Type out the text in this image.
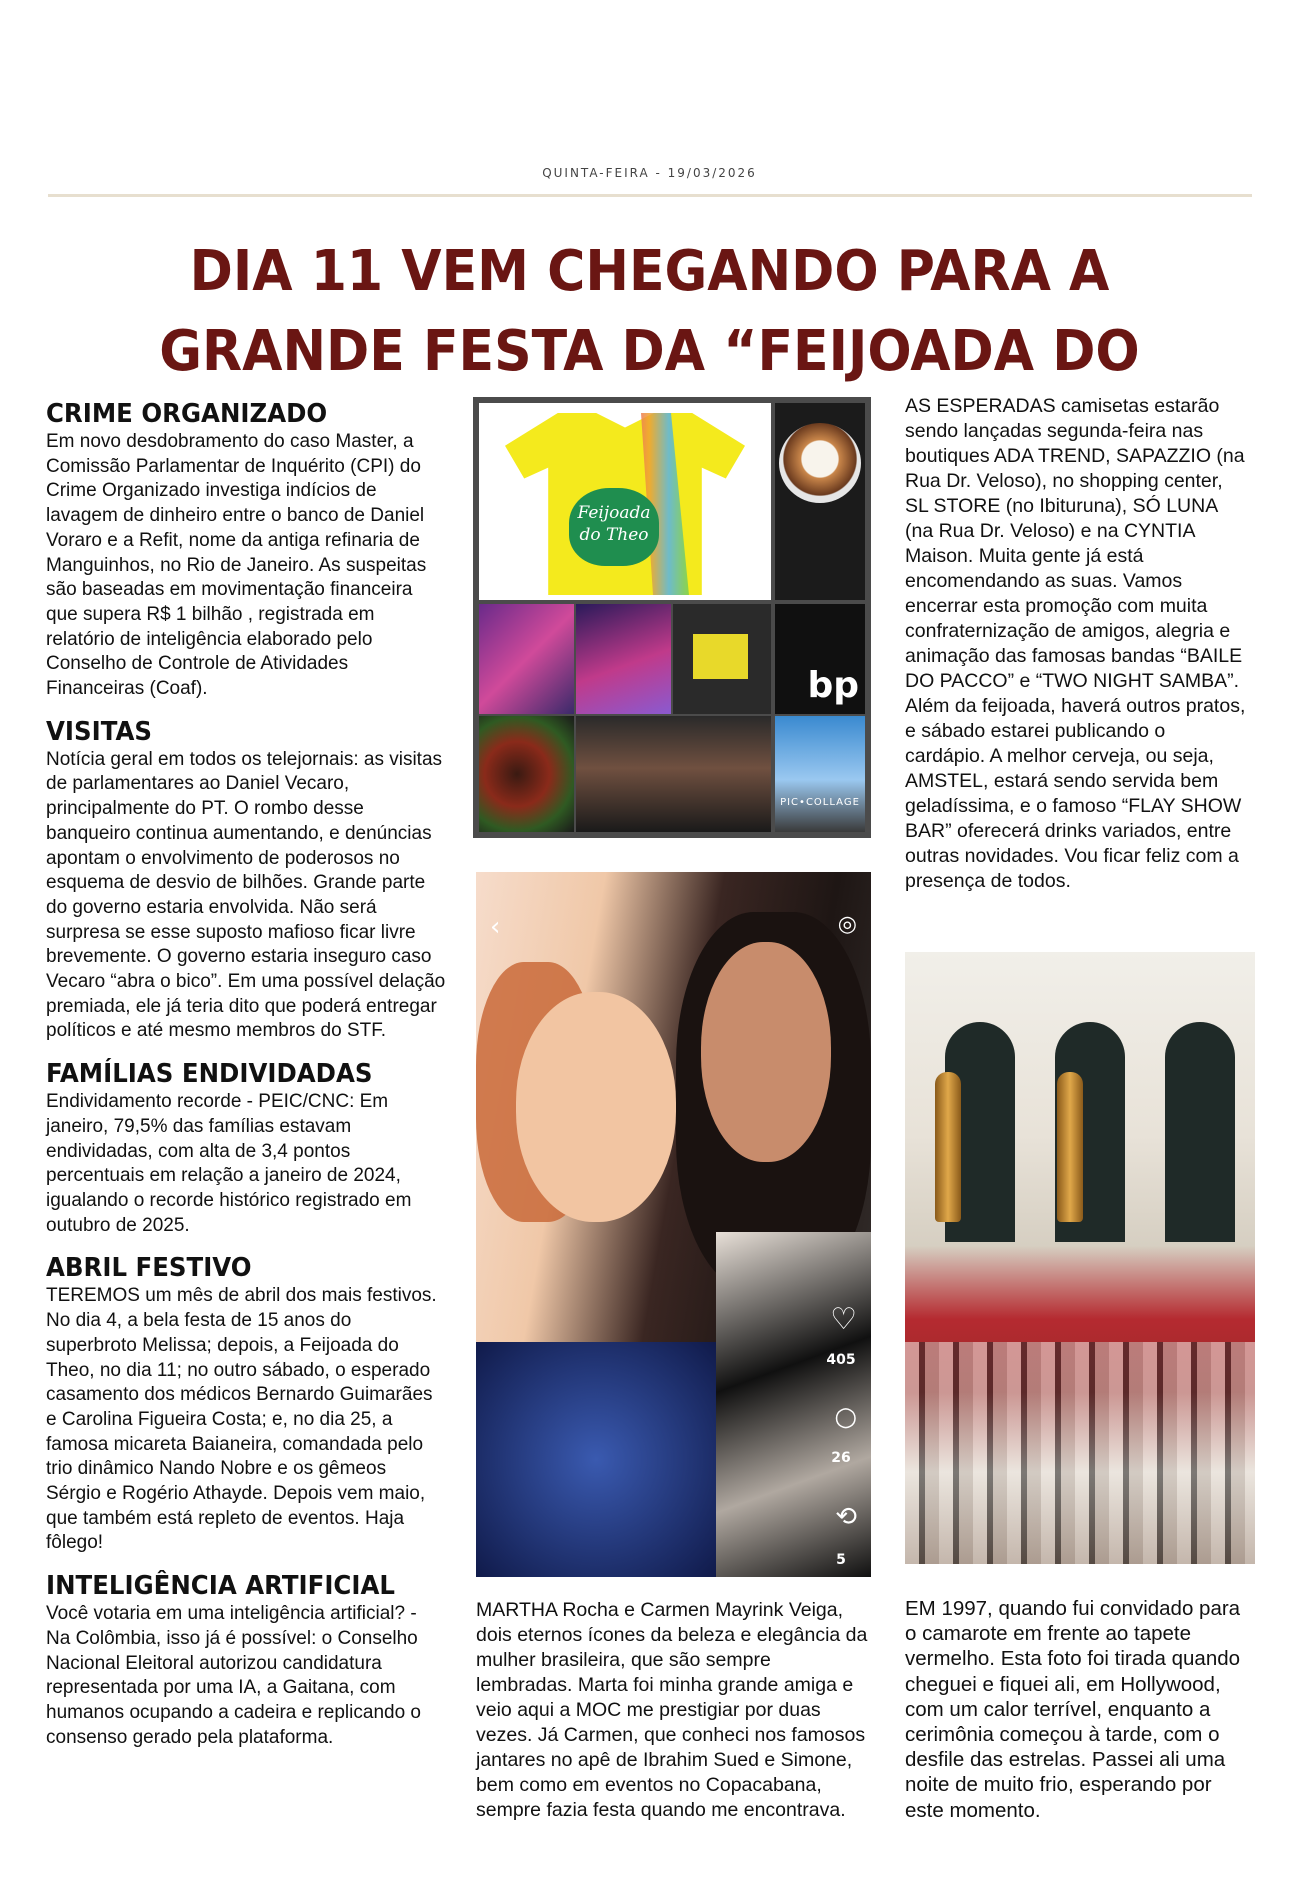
QUINTA-FEIRA - 19/03/2026
DIA 11 VEM CHEGANDO PARA A
GRANDE FESTA DA “FEIJOADA DO
CRIME ORGANIZADO

Em novo desdobramento do caso Master, a Comissão Parlamentar de Inquérito (CPI) do Crime Organizado investiga indícios de lavagem de dinheiro entre o banco de Daniel Voraro e a Refit, nome da antiga refinaria de Manguinhos, no Rio de Janeiro. As suspeitas são baseadas em movimentação financeira que supera R$ 1 bilhão , registrada em relatório de inteligência elaborado pelo Conselho de Controle de Atividades Financeiras (Coaf).

VISITAS

Notícia geral em todos os telejornais: as visitas de parlamentares ao Daniel Vecaro, principalmente do PT. O rombo desse banqueiro continua aumentando, e denúncias apontam o envolvimento de poderosos no esquema de desvio de bilhões. Grande parte do governo estaria envolvida. Não será surpresa se esse suposto mafioso ficar livre brevemente. O governo estaria inseguro caso Vecaro “abra o bico”. Em uma possível delação premiada, ele já teria dito que poderá entregar políticos e até mesmo membros do STF.

FAMÍLIAS ENDIVIDADAS

Endividamento recorde - PEIC/CNC: Em janeiro, 79,5% das famílias estavam endividadas, com alta de 3,4 pontos percentuais em relação a janeiro de 2024, igualando o recorde histórico registrado em outubro de 2025.

ABRIL FESTIVO

TEREMOS um mês de abril dos mais festivos. No dia 4, a bela festa de 15 anos do superbroto Melissa; depois, a Feijoada do Theo, no dia 11; no outro sábado, o esperado casamento dos médicos Bernardo Guimarães e Carolina Figueira Costa; e, no dia 25, a famosa micareta Baianeira, comandada pelo trio dinâmico Nando Nobre e os gêmeos Sérgio e Rogério Athayde. Depois vem maio, que também está repleto de eventos. Haja fôlego!

INTELIGÊNCIA ARTIFICIAL

Você votaria em uma inteligência artificial? - Na Colômbia, isso já é possível: o Conselho Nacional Eleitoral autorizou candidatura representada por uma IA, a Gaitana, com humanos ocupando a cadeira e replicando o consenso gerado pela plataforma.

Feijoada
do Theo
bp
PIC•COLLAGE
‹	◎
♡
405
○
26
⟲
5

MARTHA Rocha e Carmen Mayrink Veiga, dois eternos ícones da beleza e elegância da mulher brasileira, que são sempre lembradas. Marta foi minha grande amiga e veio aqui a MOC me prestigiar por duas vezes. Já Carmen, que conheci nos famosos jantares no apê de Ibrahim Sued e Simone, bem como em eventos no Copacabana, sempre fazia festa quando me encontrava.

AS ESPERADAS camisetas estarão sendo lançadas segunda-feira nas boutiques ADA TREND, SAPAZZIO (na Rua Dr. Veloso), no shopping center, SL STORE (no Ibituruna), SÓ LUNA (na Rua Dr. Veloso) e na CYNTIA Maison. Muita gente já está encomendando as suas. Vamos encerrar esta promoção com muita confraternização de amigos, alegria e animação das famosas bandas “BAILE DO PACCO” e “TWO NIGHT SAMBA”. Além da feijoada, haverá outros pratos, e sábado estarei publicando o cardápio. A melhor cerveja, ou seja, AMSTEL, estará sendo servida bem geladíssima, e o famoso “FLAY SHOW BAR” oferecerá drinks variados, entre outras novidades. Vou ficar feliz com a presença de todos.

EM 1997, quando fui convidado para o camarote em frente ao tapete vermelho. Esta foto foi tirada quando cheguei e fiquei ali, em Hollywood, com um calor terrível, enquanto a cerimônia começou à tarde, com o desfile das estrelas. Passei ali uma noite de muito frio, esperando por este momento.
